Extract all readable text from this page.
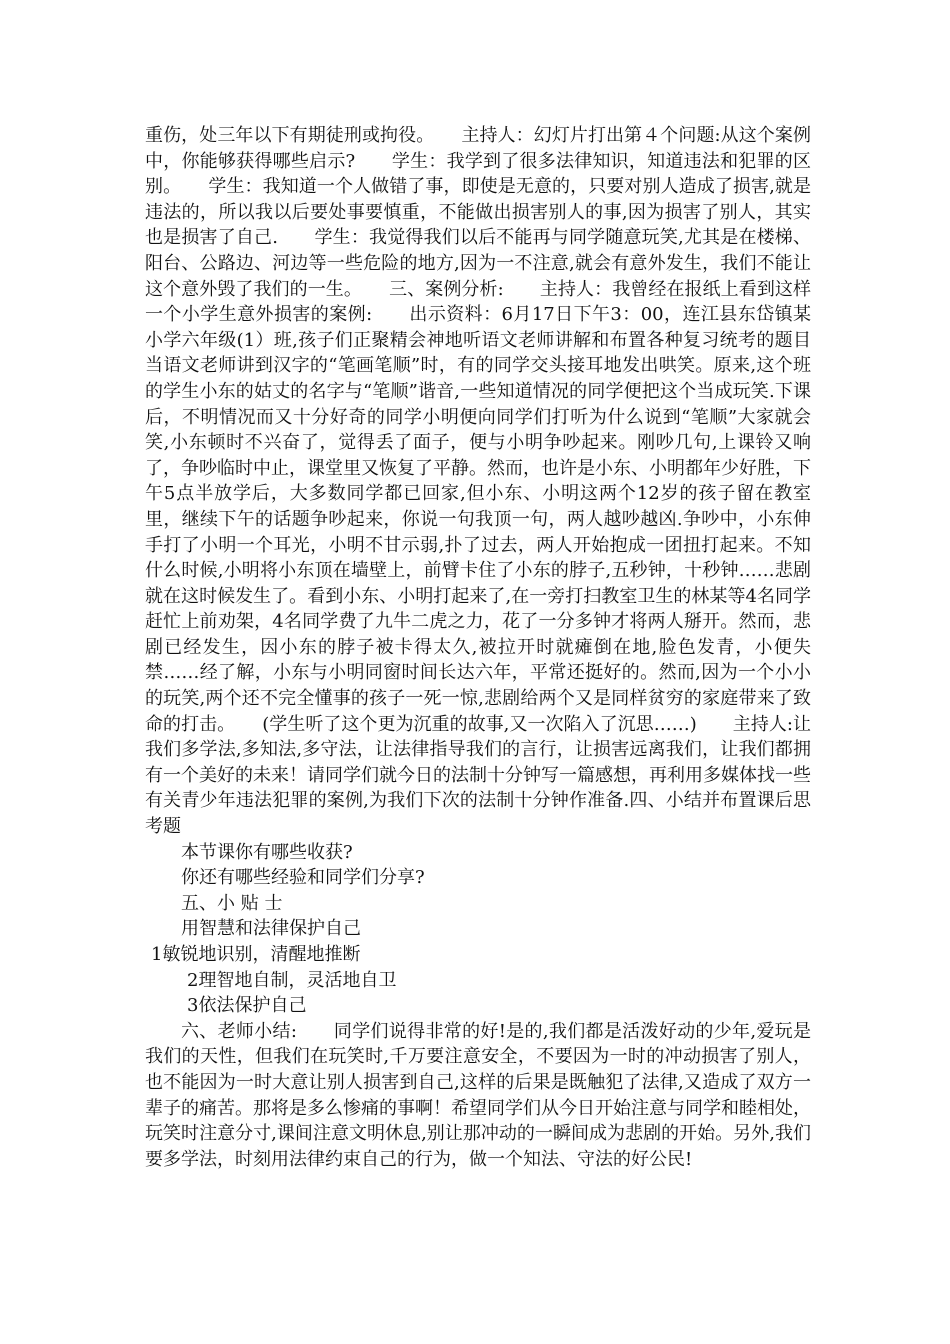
重伤，处三年以下有期徒刑或拘役。　　主持人：幻灯片打出第４个问题:从这个案例中，你能够获得哪些启示?　　学生：我学到了很多法律知识，知道违法和犯罪的区别。　　学生：我知道一个人做错了事，即使是无意的，只要对别人造成了损害,就是违法的，所以我以后要处事要慎重，不能做出损害别人的事,因为损害了别人，其实也是损害了自己.　　学生：我觉得我们以后不能再与同学随意玩笑,尤其是在楼梯、阳台、公路边、河边等一些危险的地方,因为一不注意,就会有意外发生，我们不能让这个意外毁了我们的一生。　　三、案例分析:　　主持人：我曾经在报纸上看到这样一个小学生意外损害的案例:　　出示资料：6月17日下午3：00，连江县东岱镇某小学六年级(1）班,孩子们正聚精会神地听语文老师讲解和布置各种复习统考的题目当语文老师讲到汉字的“笔画笔顺”时，有的同学交头接耳地发出哄笑。原来,这个班的学生小东的姑丈的名字与“笔顺”谐音,一些知道情况的同学便把这个当成玩笑.下课后，不明情况而又十分好奇的同学小明便向同学们打听为什么说到“笔顺”大家就会笑,小东顿时不兴奋了，觉得丢了面子，便与小明争吵起来。刚吵几句,上课铃又响了，争吵临时中止，课堂里又恢复了平静。然而，也许是小东、小明都年少好胜，下午5点半放学后，大多数同学都已回家,但小东、小明这两个12岁的孩子留在教室里，继续下午的话题争吵起来，你说一句我顶一句，两人越吵越凶.争吵中，小东伸手打了小明一个耳光，小明不甘示弱,扑了过去，两人开始抱成一团扭打起来。不知什么时候,小明将小东顶在墙壁上，前臂卡住了小东的脖子,五秒钟，十秒钟……悲剧就在这时候发生了。看到小东、小明打起来了,在一旁打扫教室卫生的林某等4名同学赶忙上前劝架，4名同学费了九牛二虎之力，花了一分多钟才将两人掰开。然而，悲剧已经发生，因小东的脖子被卡得太久,被拉开时就瘫倒在地,脸色发青，小便失禁……经了解，小东与小明同窗时间长达六年，平常还挺好的。然而,因为一个小小的玩笑,两个还不完全懂事的孩子一死一惊,悲剧给两个又是同样贫穷的家庭带来了致命的打击。　　(学生听了这个更为沉重的故事,又一次陷入了沉思……)　　主持人:让我们多学法,多知法,多守法，让法律指导我们的言行，让损害远离我们，让我们都拥有一个美好的未来！请同学们就今日的法制十分钟写一篇感想，再利用多媒体找一些有关青少年违法犯罪的案例,为我们下次的法制十分钟作准备.四、小结并布置课后思考题

本节课你有哪些收获?

你还有哪些经验和同学们分享?

五、小 贴 士

用智慧和法律保护自己

1敏锐地识别，清醒地推断

2理智地自制，灵活地自卫

3依法保护自己

六、老师小结:　　同学们说得非常的好!是的,我们都是活泼好动的少年,爱玩是我们的天性，但我们在玩笑时,千万要注意安全，不要因为一时的冲动损害了别人，也不能因为一时大意让别人损害到自己,这样的后果是既触犯了法律,又造成了双方一辈子的痛苦。那将是多么惨痛的事啊！希望同学们从今日开始注意与同学和睦相处，玩笑时注意分寸,课间注意文明休息,别让那冲动的一瞬间成为悲剧的开始。另外,我们要多学法，时刻用法律约束自己的行为，做一个知法、守法的好公民!
